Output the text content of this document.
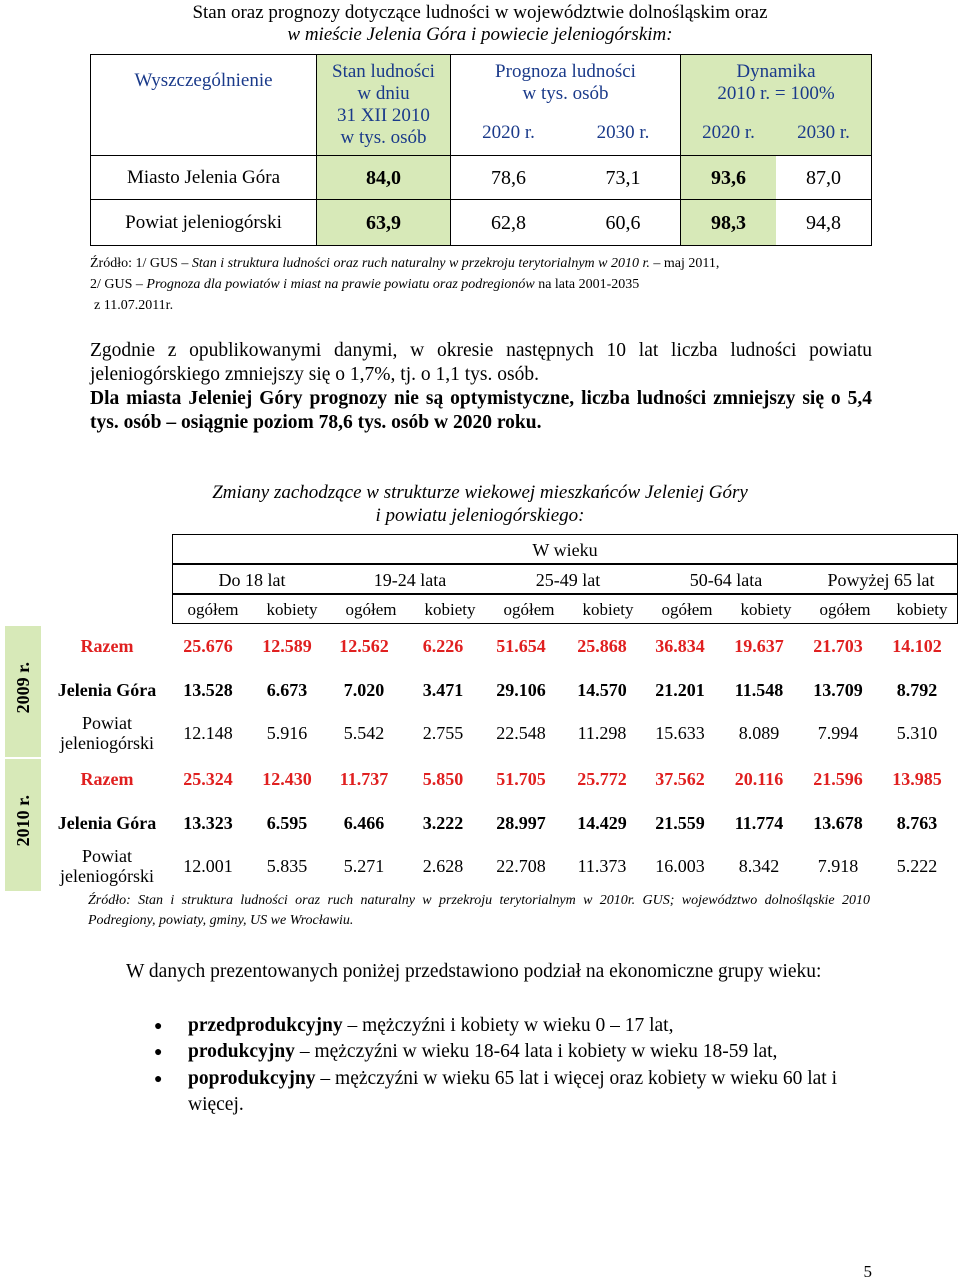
Stan oraz prognozy dotyczące ludności w województwie dolnośląskim oraz
w mieście Jelenia Góra i powiecie jeleniogórskim:
Wyszczególnienie	Stan ludności
w dniu
31 XII 2010
w tys. osób
Prognoza ludności
w tys. osób
Dynamika
2010 r. = 100%
2020 r.	2030 r.	2020 r.	2030 r.
Miasto Jelenia Góra	84,0	78,6	73,1	93,6	87,0
Powiat jeleniogórski	63,9	62,8	60,6	98,3	94,8
Źródło: 1/ GUS – Stan i struktura ludności oraz ruch naturalny w przekroju terytorialnym w 2010 r. – maj 2011,
2/ GUS – Prognoza dla powiatów i miast na prawie powiatu oraz podregionów na lata 2001-2035
z 11.07.2011r.
Zgodnie z opublikowanymi danymi, w okresie następnych 10 lat liczba ludności powiatu jeleniogórskiego zmniejszy się o 1,7%, tj. o 1,1 tys. osób.
Dla miasta Jeleniej Góry prognozy nie są optymistyczne, liczba ludności zmniejszy się o 5,4 tys. osób – osiągnie poziom 78,6 tys. osób w 2020 roku.
Zmiany zachodzące w strukturze wiekowej mieszkańców Jeleniej Góry
i powiatu jeleniogórskiego:
W wieku
Do 18 lat	19-24 lata	25-49 lat	50-64 lata	Powyżej 65 lat
ogółem	kobiety	ogółem	kobiety	ogółem	kobiety	ogółem	kobiety	ogółem	kobiety
2009 r.
2010 r.
Razem	25.676	12.589	12.562	6.226	51.654	25.868	36.834	19.637	21.703	14.102
Jelenia Góra	13.528	6.673	7.020	3.471	29.106	14.570	21.201	11.548	13.709	8.792
Powiat
jeleniogórski	12.148	5.916	5.542	2.755	22.548	11.298	15.633	8.089	7.994	5.310
Razem	25.324	12.430	11.737	5.850	51.705	25.772	37.562	20.116	21.596	13.985
Jelenia Góra	13.323	6.595	6.466	3.222	28.997	14.429	21.559	11.774	13.678	8.763
Powiat
jeleniogórski	12.001	5.835	5.271	2.628	22.708	11.373	16.003	8.342	7.918	5.222
Źródło: Stan i struktura ludności oraz ruch naturalny w przekroju terytorialnym w 2010r. GUS; województwo dolnośląskie 2010 Podregiony, powiaty, gminy, US we Wrocławiu.
W danych prezentowanych poniżej przedstawiono podział na ekonomiczne grupy wieku:
●	przedprodukcyjny – mężczyźni i kobiety w wieku 0 – 17 lat,
●	produkcyjny – mężczyźni w wieku 18-64 lata i kobiety w wieku 18-59 lat,
●	poprodukcyjny – mężczyźni w wieku 65 lat i więcej oraz kobiety w wieku 60 lat i więcej.
5
